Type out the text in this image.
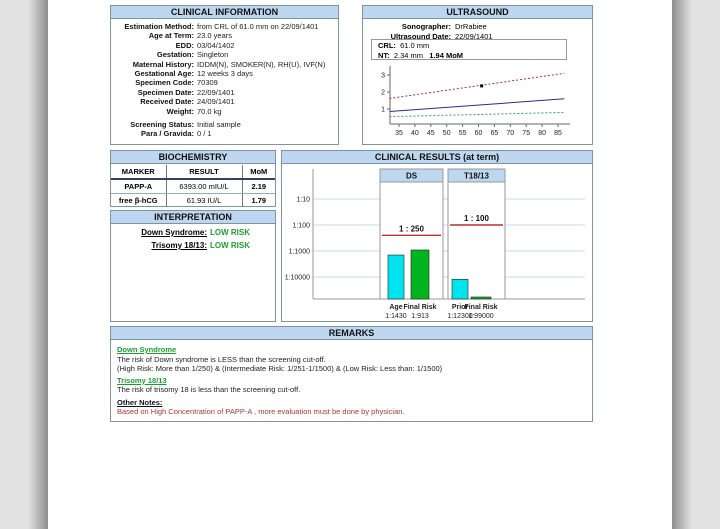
CLINICAL INFORMATION
Estimation Method: from CRL of 61.0 mm on 22/09/1401
Age at Term: 23.0 years
EDD: 03/04/1402
Gestation: Singleton
Maternal History: IDDM(N), SMOKER(N), RH(U), IVF(N)
Gestational Age: 12 weeks 3 days
Specimen Code: 70309
Specimen Date: 22/09/1401
Received Date: 24/09/1401
Weight: 70.0 kg
Screening Status: Initial sample
Para / Gravida: 0 / 1
ULTRASOUND
Sonographer: DrRabiee
Ultrasound Date: 22/09/1401
CRL: 61.0 mm
NT: 2.34 mm 1.94 MoM
1
2
3
35 40 45 50 55 60 65 70 75 80 85
BIOCHEMISTRY
MARKER	RESULT	MoM
PAPP-A	6393.00 mIU/L	2.19
free β-hCG	61.93 IU/L	1.79
INTERPRETATION
Down Syndrome: LOW RISK
Trisomy 18/13: LOW RISK
CLINICAL RESULTS (at term)
1:10
1:100
1:1000
1:10000
DS
1 : 250
Age
1:1430
Final Risk
1:913
T18/13
1 : 100
Prior
1:12300
Final Risk
1:99000
REMARKS
Down Syndrome
The risk of Down syndrome is LESS than the screening cut-off.
(High Risk: More than 1/250) & (Intermediate Risk: 1/251-1/1500) & (Low Risk: Less than: 1/1500)
Trisomy 18/13
The risk of trisomy 18 is less than the screening cut-off.
Other Notes:
Based on High Concentration of PAPP-A , more evaluation must be done by physician.
